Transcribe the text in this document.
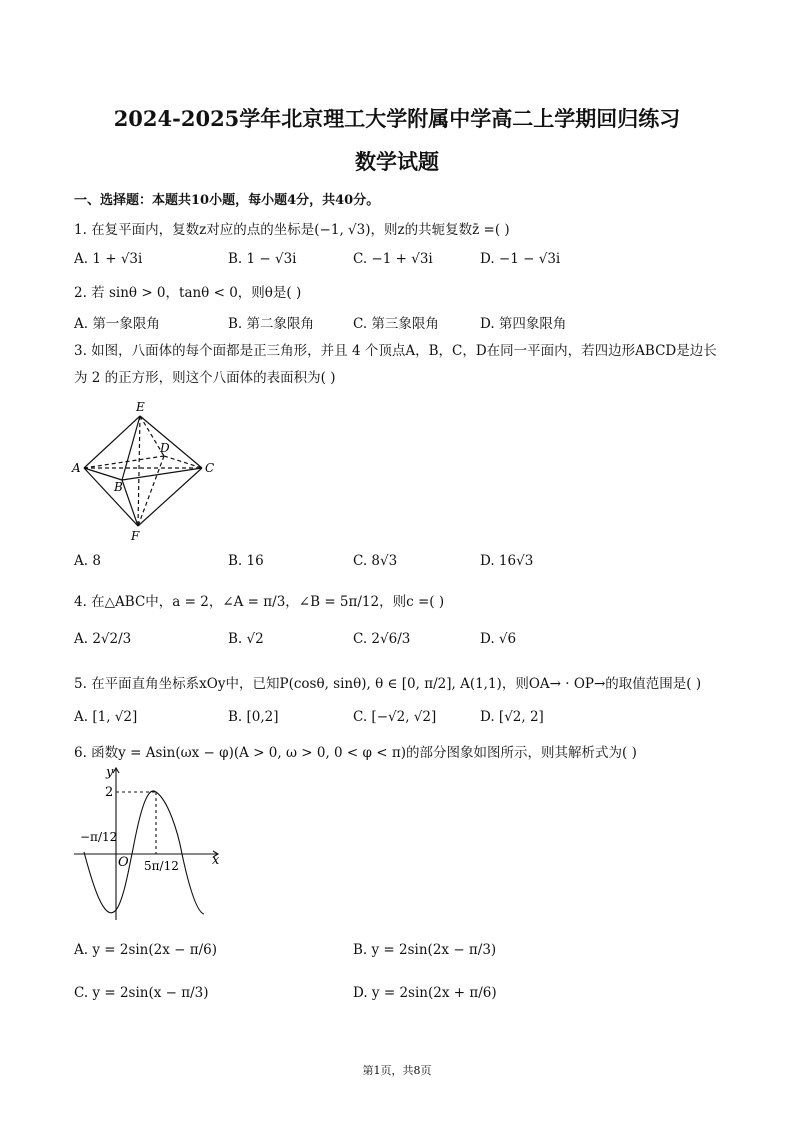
2024-2025学年北京理工大学附属中学高二上学期回归练习
数学试题
一、选择题：本题共10小题，每小题4分，共40分。
1. 在复平面内，复数z对应的点的坐标是(−1, √3)，则z的共轭复数z̄ =( )
A. 1 + √3i	B. 1 − √3i	C. −1 + √3i	D. −1 − √3i
2. 若 sinθ > 0，tanθ < 0，则θ是( )
A. 第一象限角	B. 第二象限角	C. 第三象限角	D. 第四象限角
3. 如图，八面体的每个面都是正三角形，并且 4 个顶点A，B，C，D在同一平面内，若四边形ABCD是边长为 2 的正方形，则这个八面体的表面积为( )
E
A
D
C
B
F
A. 8	B. 16	C. 8√3	D. 16√3
4. 在△ABC中，a = 2，∠A = π/3，∠B = 5π/12，则c =( )
A. 2√2/3	B. √2	C. 2√6/3	D. √6
5. 在平面直角坐标系xOy中，已知P(cosθ, sinθ), θ ∈ [0, π/2], A(1,1)，则OA→ · OP→的取值范围是( )
A. [1, √2]	B. [0,2]	C. [−√2, √2]	D. [√2, 2]
6. 函数y = Asin(ωx − φ)(A > 0, ω > 0, 0 < φ < π)的部分图象如图所示，则其解析式为( )
y
2
−π/12
O 5π/12	x
A. y = 2sin(2x − π/6)	B. y = 2sin(2x − π/3)
C. y = 2sin(x − π/3)	D. y = 2sin(2x + π/6)
第1页，共8页
